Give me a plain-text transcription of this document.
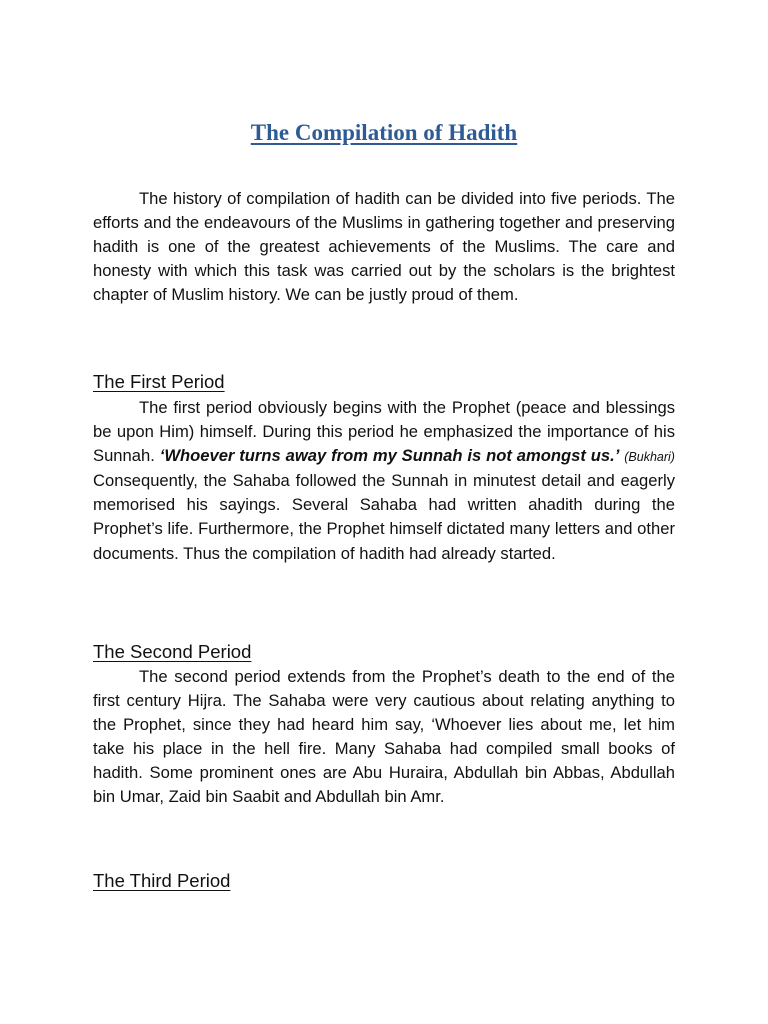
The Compilation of Hadith

The history of compilation of hadith can be divided into five periods. The efforts and the endeavours of the Muslims in gathering together and preserving hadith is one of the greatest achievements of the Muslims. The care and honesty with which this task was carried out by the scholars is the brightest chapter of Muslim history. We can be justly proud of them.

The First Period

The first period obviously begins with the Prophet (peace and blessings be upon Him) himself. During this period he emphasized the importance of his Sunnah. ‘Whoever turns away from my Sunnah is not amongst us.’ (Bukhari) Consequently, the Sahaba followed the Sunnah in minutest detail and eagerly memorised his sayings. Several Sahaba had written ahadith during the Prophet’s life. Furthermore, the Prophet himself dictated many letters and other documents. Thus the compilation of hadith had already started.

The Second Period

The second period extends from the Prophet’s death to the end of the first century Hijra. The Sahaba were very cautious about relating anything to the Prophet, since they had heard him say, ‘Whoever lies about me, let him take his place in the hell fire. Many Sahaba had compiled small books of hadith. Some prominent ones are Abu Huraira, Abdullah bin Abbas, Abdullah bin Umar, Zaid bin Saabit and Abdullah bin Amr.

The Third Period
